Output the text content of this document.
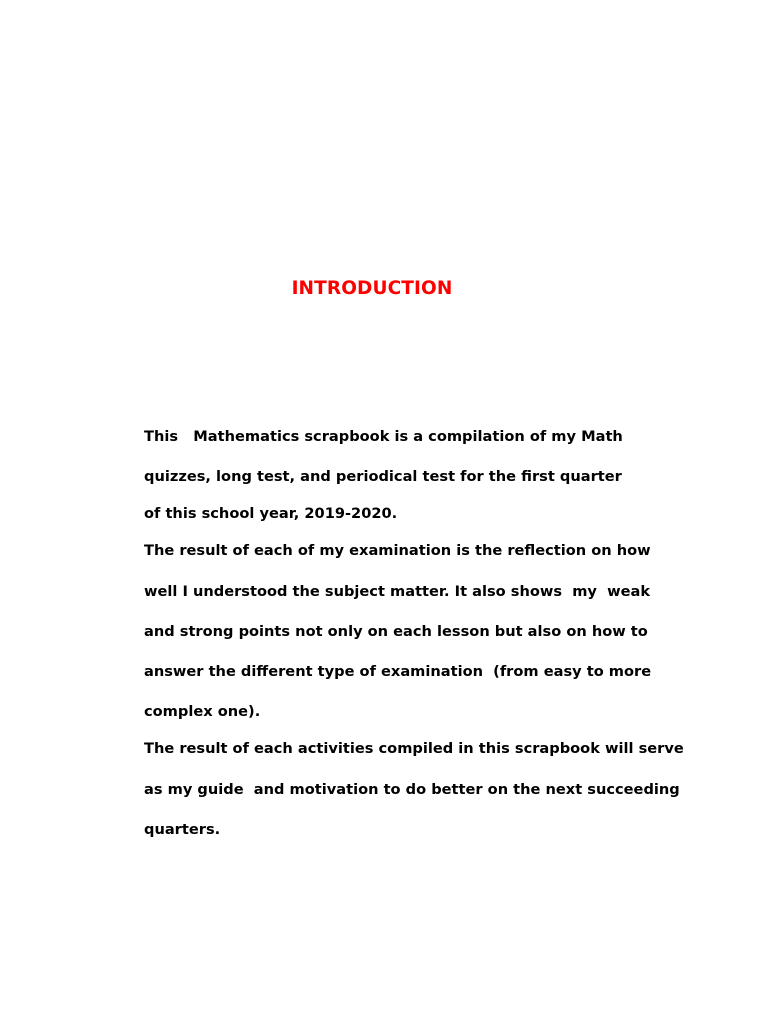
INTRODUCTION
This   Mathematics scrapbook is a compilation of my Math
quizzes, long test, and periodical test for the first quarter
of this school year, 2019-2020.
The result of each of my examination is the reflection on how
well I understood the subject matter. It also shows  my  weak
and strong points not only on each lesson but also on how to
answer the different type of examination  (from easy to more
complex one).
The result of each activities compiled in this scrapbook will serve
as my guide  and motivation to do better on the next succeeding
quarters.
